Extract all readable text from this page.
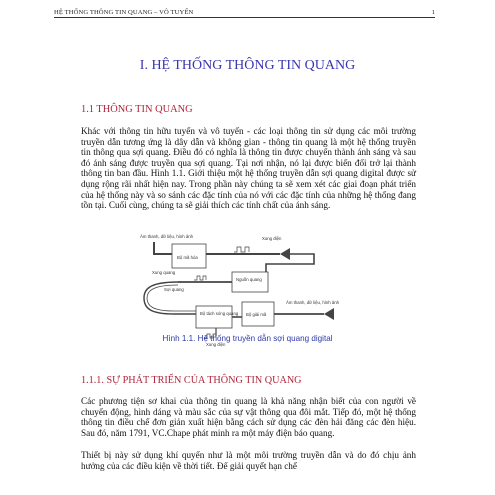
HỆ THỐNG THÔNG TIN QUANG – VÔ TUYẾN	1
I. HỆ THỐNG THÔNG TIN QUANG
1.1 THÔNG TIN QUANG
Khác với thông tin hữu tuyến và vô tuyến - các loại thông tin sử dụng các môi trường truyền dẫn tương ứng là dây dẫn và không gian - thông tin quang là một hệ thống truyền tin thông qua sợi quang. Điều đó có nghĩa là thông tin được chuyển thành ánh sáng và sau đó ánh sáng được truyền qua sợi quang. Tại nơi nhận, nó lại được biến đổi trở lại thành thông tin ban đầu. Hình 1.1. Giới thiệu một hệ thống truyền dẫn sợi quang digital được sử dụng rộng rãi nhất hiện nay. Trong phần này chúng ta sẽ xem xét các giai đoạn phát triển của hệ thống này và so sánh các đặc tính của nó với các đặc tính của những hệ thống đang tồn tại. Cuối cùng, chúng ta sẽ giải thích các tính chất của ánh sáng.
Âm thanh, dữ liệu, hình ảnh
Bộ mã hóa
Xung điện
Nguồn quang
Xung quang
Sợi quang
Bộ tách sóng quang Bộ giải mã
Âm thanh, dữ liệu, hình ảnh
Xung điện
Hình 1.1. Hệ thống truyền dẫn sợi quang digital
1.1.1. SỰ PHÁT TRIỂN CỦA THÔNG TIN QUANG
Các phương tiện sơ khai của thông tin quang là khả năng nhận biết của con người về chuyển động, hình dáng và màu sắc của sự vật thông qua đôi mắt. Tiếp đó, một hệ thống thông tin điều chế đơn giản xuất hiện bằng cách sử dụng các đèn hải đăng các đèn hiệu. Sau đó, năm 1791, VC.Chape phát minh ra một máy điện báo quang.
Thiết bị này sử dụng khí quyển như là một môi trường truyền dẫn và do đó chịu ảnh hưởng của các điều kiện về thời tiết. Để giải quyết hạn chế
